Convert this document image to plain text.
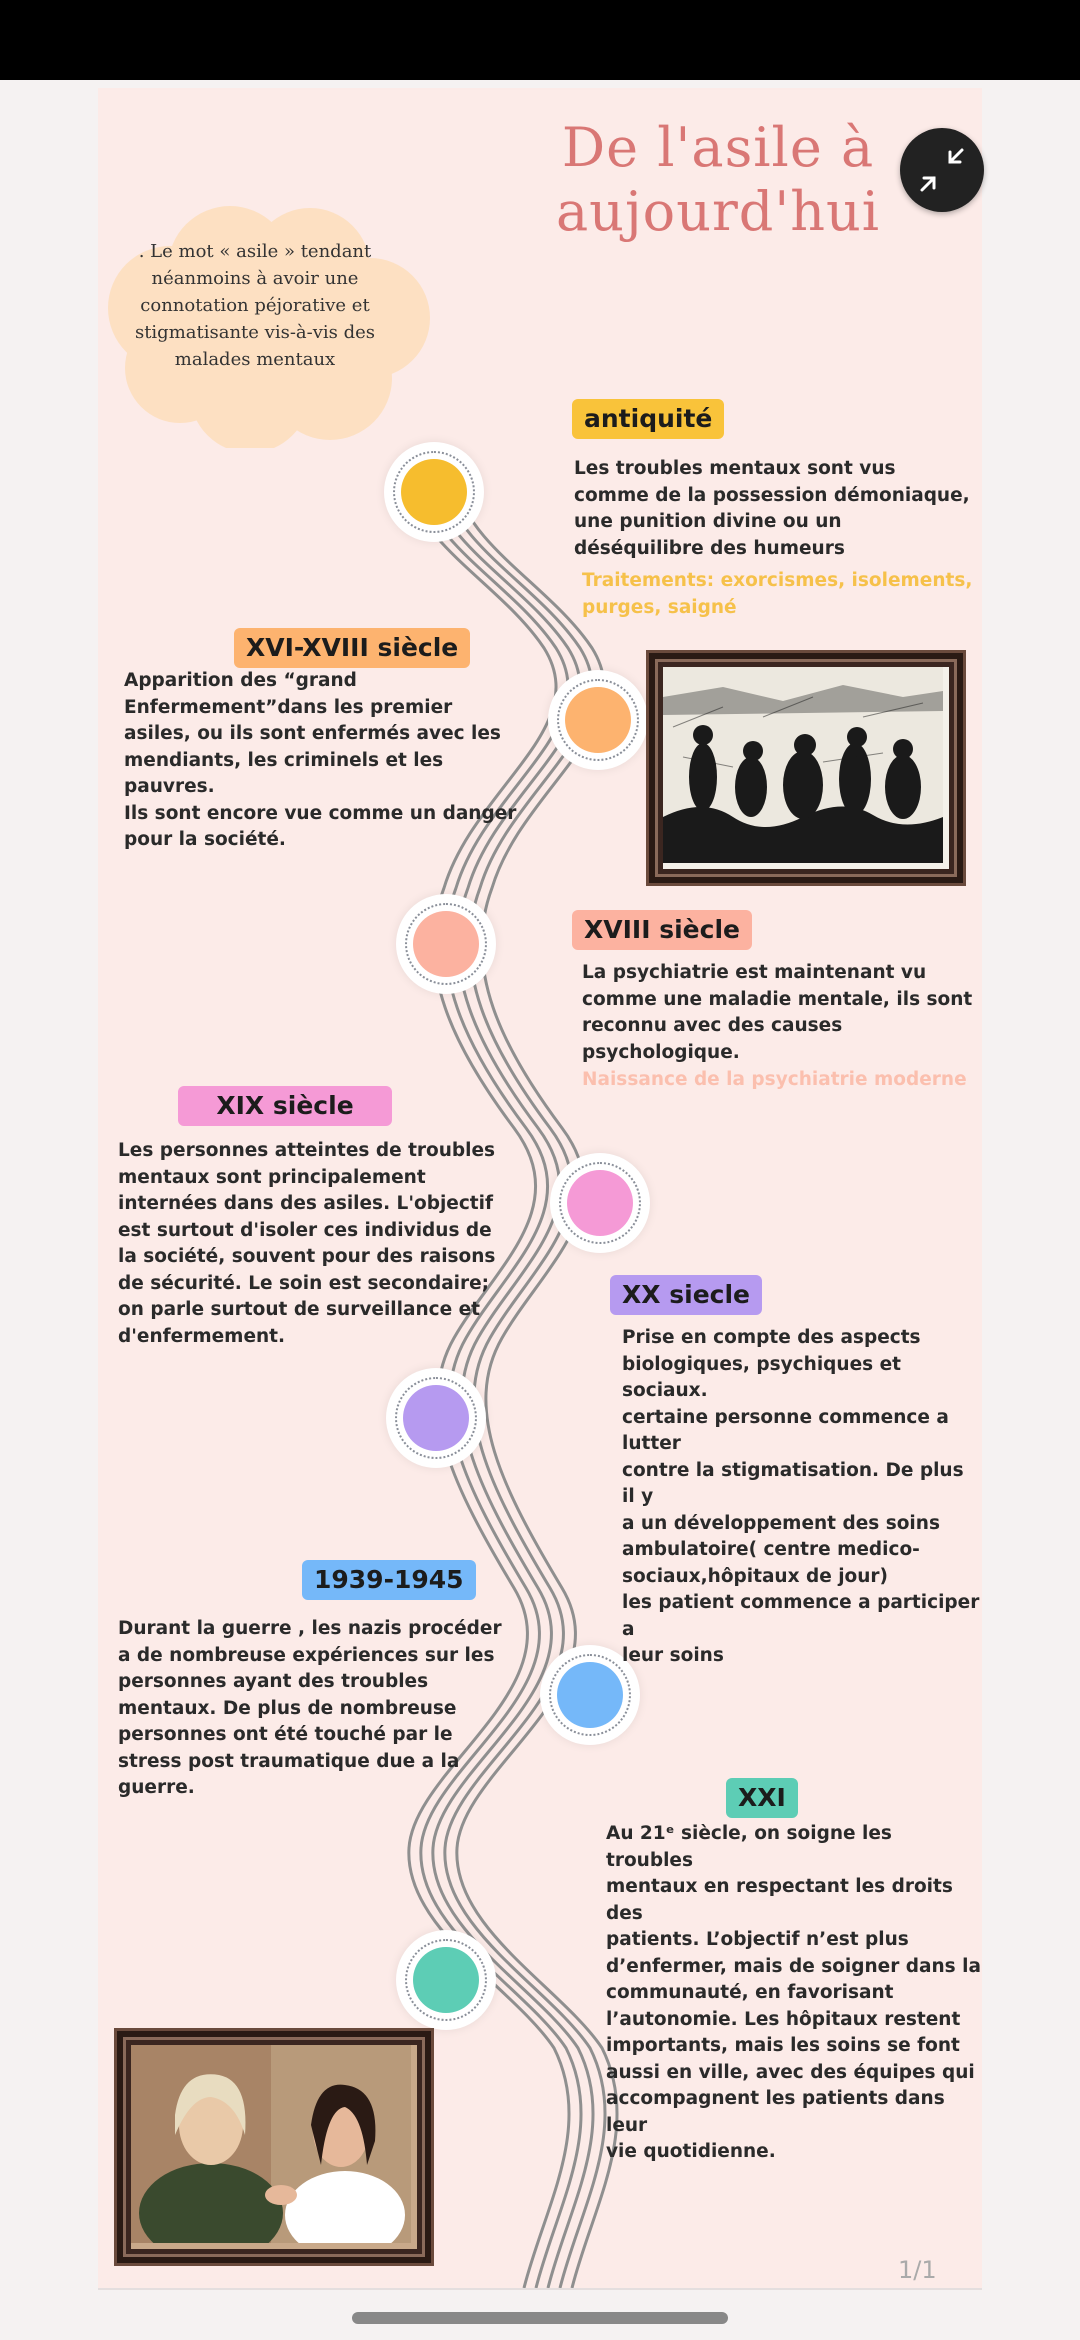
De l'asile à aujourd'hui
. Le mot « asile » tendant néanmoins à avoir une connotation péjorative et stigmatisante vis-à-vis des malades mentaux
antiquité
Les troubles mentaux sont vus
comme de la possession démoniaque,
une punition divine ou un
déséquilibre des humeurs
Traitements: exorcismes, isolements,
purges, saigné
XVI-XVIII siècle
Apparition des “grand
Enfermement”dans les premier
asiles, ou ils sont enfermés avec les
mendiants, les criminels et les
pauvres.
Ils sont encore vue comme un danger
pour la société.
XVIII siècle
La psychiatrie est maintenant vu
comme une maladie mentale, ils sont
reconnu avec des causes
psychologique.
Naissance de la psychiatrie moderne
XIX siècle
Les personnes atteintes de troubles
mentaux sont principalement
internées dans des asiles. L'objectif
est surtout d'isoler ces individus de
la société, souvent pour des raisons
de sécurité. Le soin est secondaire;
on parle surtout de surveillance et
d'enfermement.
XX siecle
Prise en compte des aspects
biologiques, psychiques et sociaux.
certaine personne commence a lutter
contre la stigmatisation. De plus il y
a un développement des soins
ambulatoire( centre medico-
sociaux,hôpitaux de jour)
les patient commence a participer a
leur soins
1939-1945
Durant la guerre , les nazis procéder
a de nombreuse expériences sur les
personnes ayant des troubles
mentaux. De plus de nombreuse
personnes ont été touché par le
stress post traumatique due a la
guerre.	XXI
Au 21ᵉ siècle, on soigne les troubles
mentaux en respectant les droits des
patients. L’objectif n’est plus
d’enfermer, mais de soigner dans la
communauté, en favorisant
l’autonomie. Les hôpitaux restent
importants, mais les soins se font
aussi en ville, avec des équipes qui
accompagnent les patients dans leur
vie quotidienne.
1/1
